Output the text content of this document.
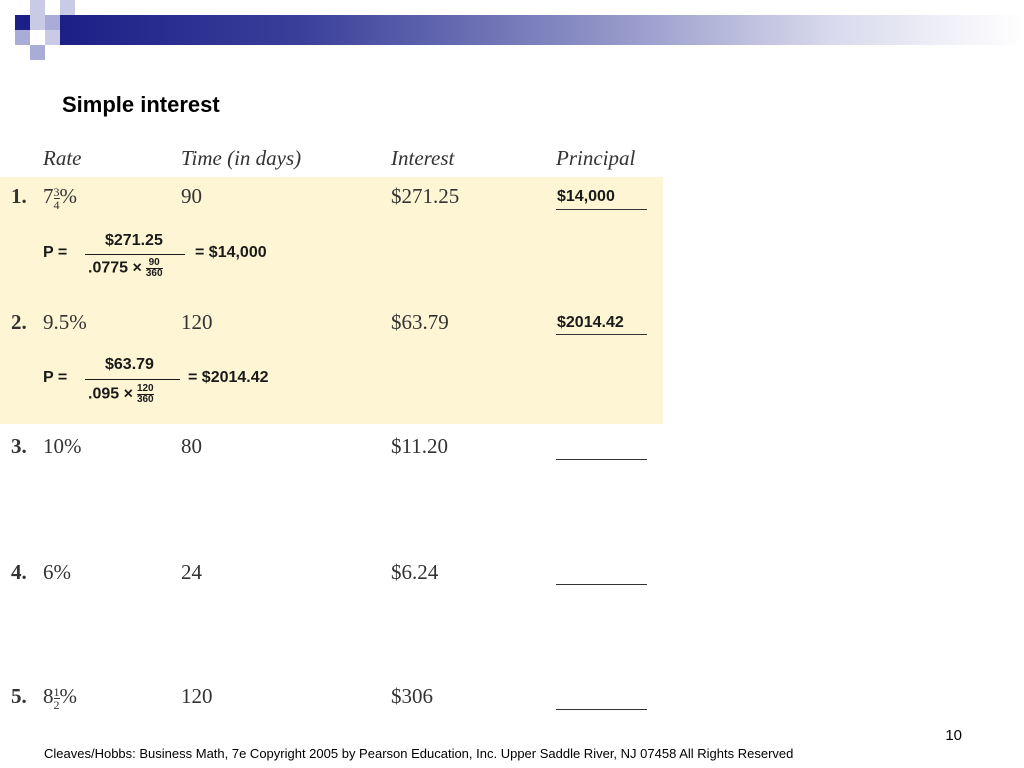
Simple interest
Rate	Time (in days)	Interest	Principal
1. $7 \frac{3}{4}$ %	90	$271.25	$14,000
P =
$271.25
$.0775 \times \frac{90}{360}$
= $14,000
2. 9.5%	120	$63.79	$2014.42
P =
$63.79
$.095 \times \frac{120}{360}$
= $2014.42
3. 10%	80	$11.20
4. 6%	24	$6.24
5. $8 \frac{1}{2}$ %	120	$306
10
Cleaves/Hobbs: Business Math, 7e Copyright 2005 by Pearson Education, Inc. Upper Saddle River, NJ 07458 All Rights Reserved
